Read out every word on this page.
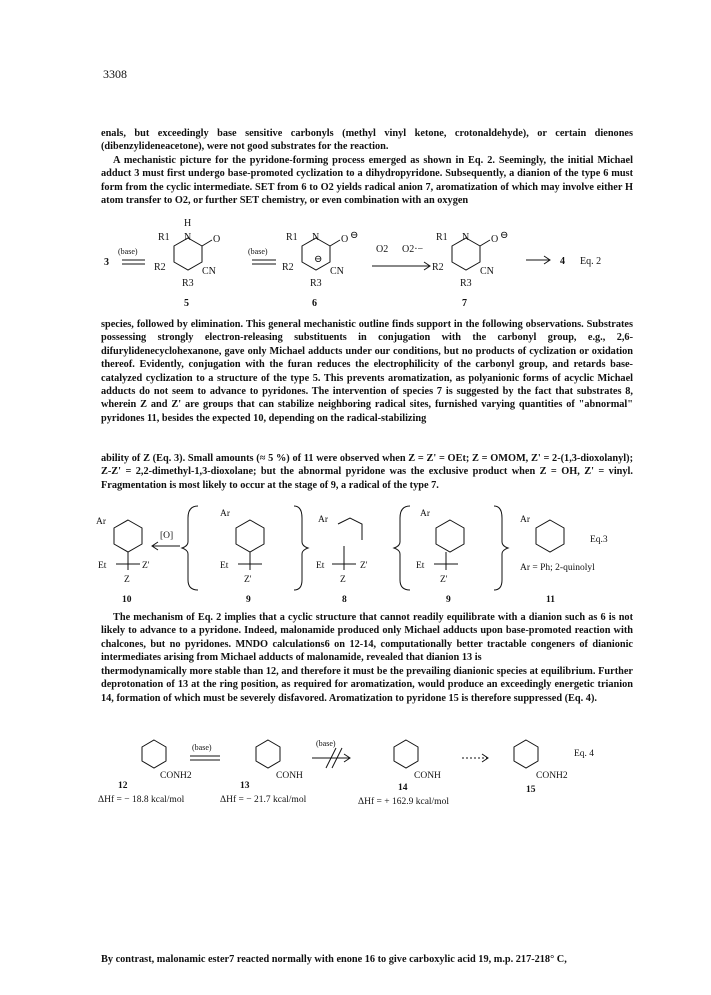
3308

enals, but exceedingly base sensitive carbonyls (methyl vinyl ketone, crotonaldehyde), or certain dienones (dibenzylideneacetone), were not good substrates for the reaction.

A mechanistic picture for the pyridone-forming process emerged as shown in Eq. 2. Seemingly, the initial Michael adduct 3 must first undergo base-promoted cyclization to a dihydropyridone. Subsequently, a dianion of the type 6 must form from the cyclic intermediate. SET from 6 to O2 yields radical anion 7, aromatization of which may involve either H atom transfer to O2, or further SET chemistry, or even combination with an oxygen

3
(base)
R1
H
N O
R2	CN
R3
5
(base)
R1 N O ⊖
⊖
R2	CN
R3
6
O2 O2·−
R1 N O ⊖
R2	CN
R3
7
4 Eq. 2

species, followed by elimination. This general mechanistic outline finds support in the following observations. Substrates possessing strongly electron-releasing substituents in conjugation with the carbonyl group, e.g., 2,6-difurylidenecyclohexanone, gave only Michael adducts under our conditions, but no products of cyclization or oxidation thereof. Evidently, conjugation with the furan reduces the electrophilicity of the carbonyl group, and retards base-catalyzed cyclization to a structure of the type 5. This prevents aromatization, as polyanionic forms of acyclic Michael adducts do not seem to advance to pyridones. The intervention of species 7 is suggested by the fact that substrates 8, wherein Z and Z' are groups that can stabilize neighboring radical sites, furnished varying quantities of "abnormal" pyridones 11, besides the expected 10, depending on the radical-stabilizing

ability of Z (Eq. 3). Small amounts (≈ 5 %) of 11 were observed when Z = Z' = OEt; Z = OMOM, Z' = 2-(1,3-dioxolanyl); Z-Z' = 2,2-dimethyl-1,3-dioxolane; but the abnormal pyridone was the exclusive product when Z = OH, Z' = vinyl. Fragmentation is most likely to occur at the stage of 9, a radical of the type 7.

Ar
Et	Z'
Z
10
[O]
Ar
Et
Z'
9
Ar
Et
Z
Z'
8
Ar
Et
Z'
9
Ar
Ar = Ph; 2-quinolyl
11
Eq.3

The mechanism of Eq. 2 implies that a cyclic structure that cannot readily equilibrate with a dianion such as 6 is not likely to advance to a pyridone. Indeed, malonamide produced only Michael adducts upon base-promoted reaction with chalcones, but no pyridones. MNDO calculations6 on 12-14, computationally better tractable congeners of dianionic intermediates arising from Michael adducts of malonamide, revealed that dianion 13 is

thermodynamically more stable than 12, and therefore it must be the prevailing dianionic species at equilibrium. Further deprotonation of 13 at the ring position, as required for aromatization, would produce an exceedingly energetic trianion 14, formation of which must be severely disfavored. Aromatization to pyridone 15 is therefore suppressed (Eq. 4).

(base)	(base)
CONH2	CONH	CONH	CONH2
12	13	14	15
ΔHf = − 18.8 kcal/mol	ΔHf = − 21.7 kcal/mol	ΔHf = + 162.9 kcal/mol
Eq. 4

By contrast, malonamic ester7 reacted normally with enone 16 to give carboxylic acid 19, m.p. 217-218° C,
